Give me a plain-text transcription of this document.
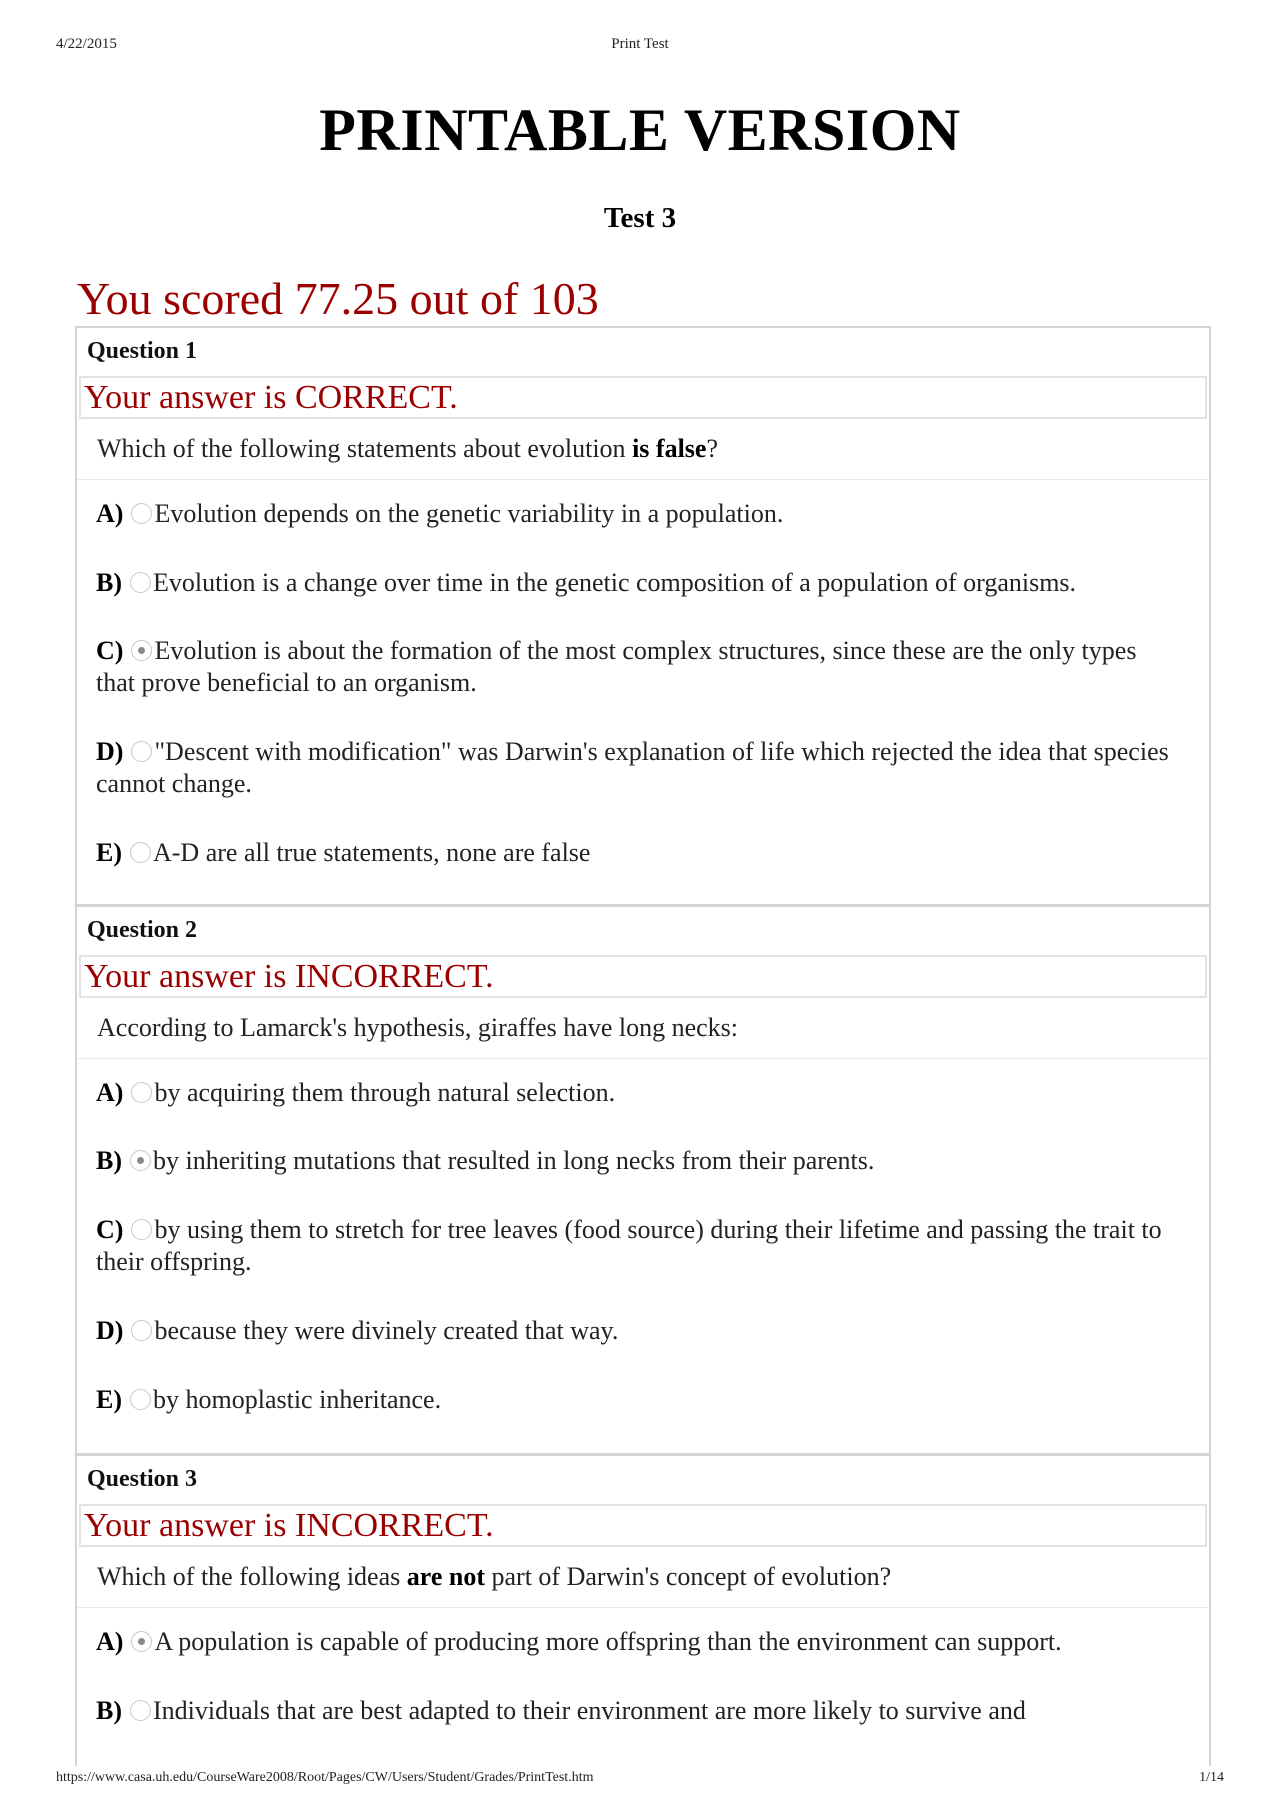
4/22/2015	Print Test
PRINTABLE VERSION
Test 3
You scored 77.25 out of 103
Question 1
Your answer is CORRECT.
Which of the following statements about evolution is false?
A) Evolution depends on the genetic variability in a population.
B) Evolution is a change over time in the genetic composition of a population of organisms.
C) Evolution is about the formation of the most complex structures, since these are the only types that prove beneficial to an organism.
D) "Descent with modification" was Darwin's explanation of life which rejected the idea that species cannot change.
E) A-D are all true statements, none are false
Question 2
Your answer is INCORRECT.
According to Lamarck's hypothesis, giraffes have long necks:
A) by acquiring them through natural selection.
B) by inheriting mutations that resulted in long necks from their parents.
C) by using them to stretch for tree leaves (food source) during their lifetime and passing the trait to their offspring.
D) because they were divinely created that way.
E) by homoplastic inheritance.
Question 3
Your answer is INCORRECT.
Which of the following ideas are not part of Darwin's concept of evolution?
A) A population is capable of producing more offspring than the environment can support.
B) Individuals that are best adapted to their environment are more likely to survive and
https://www.casa.uh.edu/CourseWare2008/Root/Pages/CW/Users/Student/Grades/PrintTest.htm	1/14
